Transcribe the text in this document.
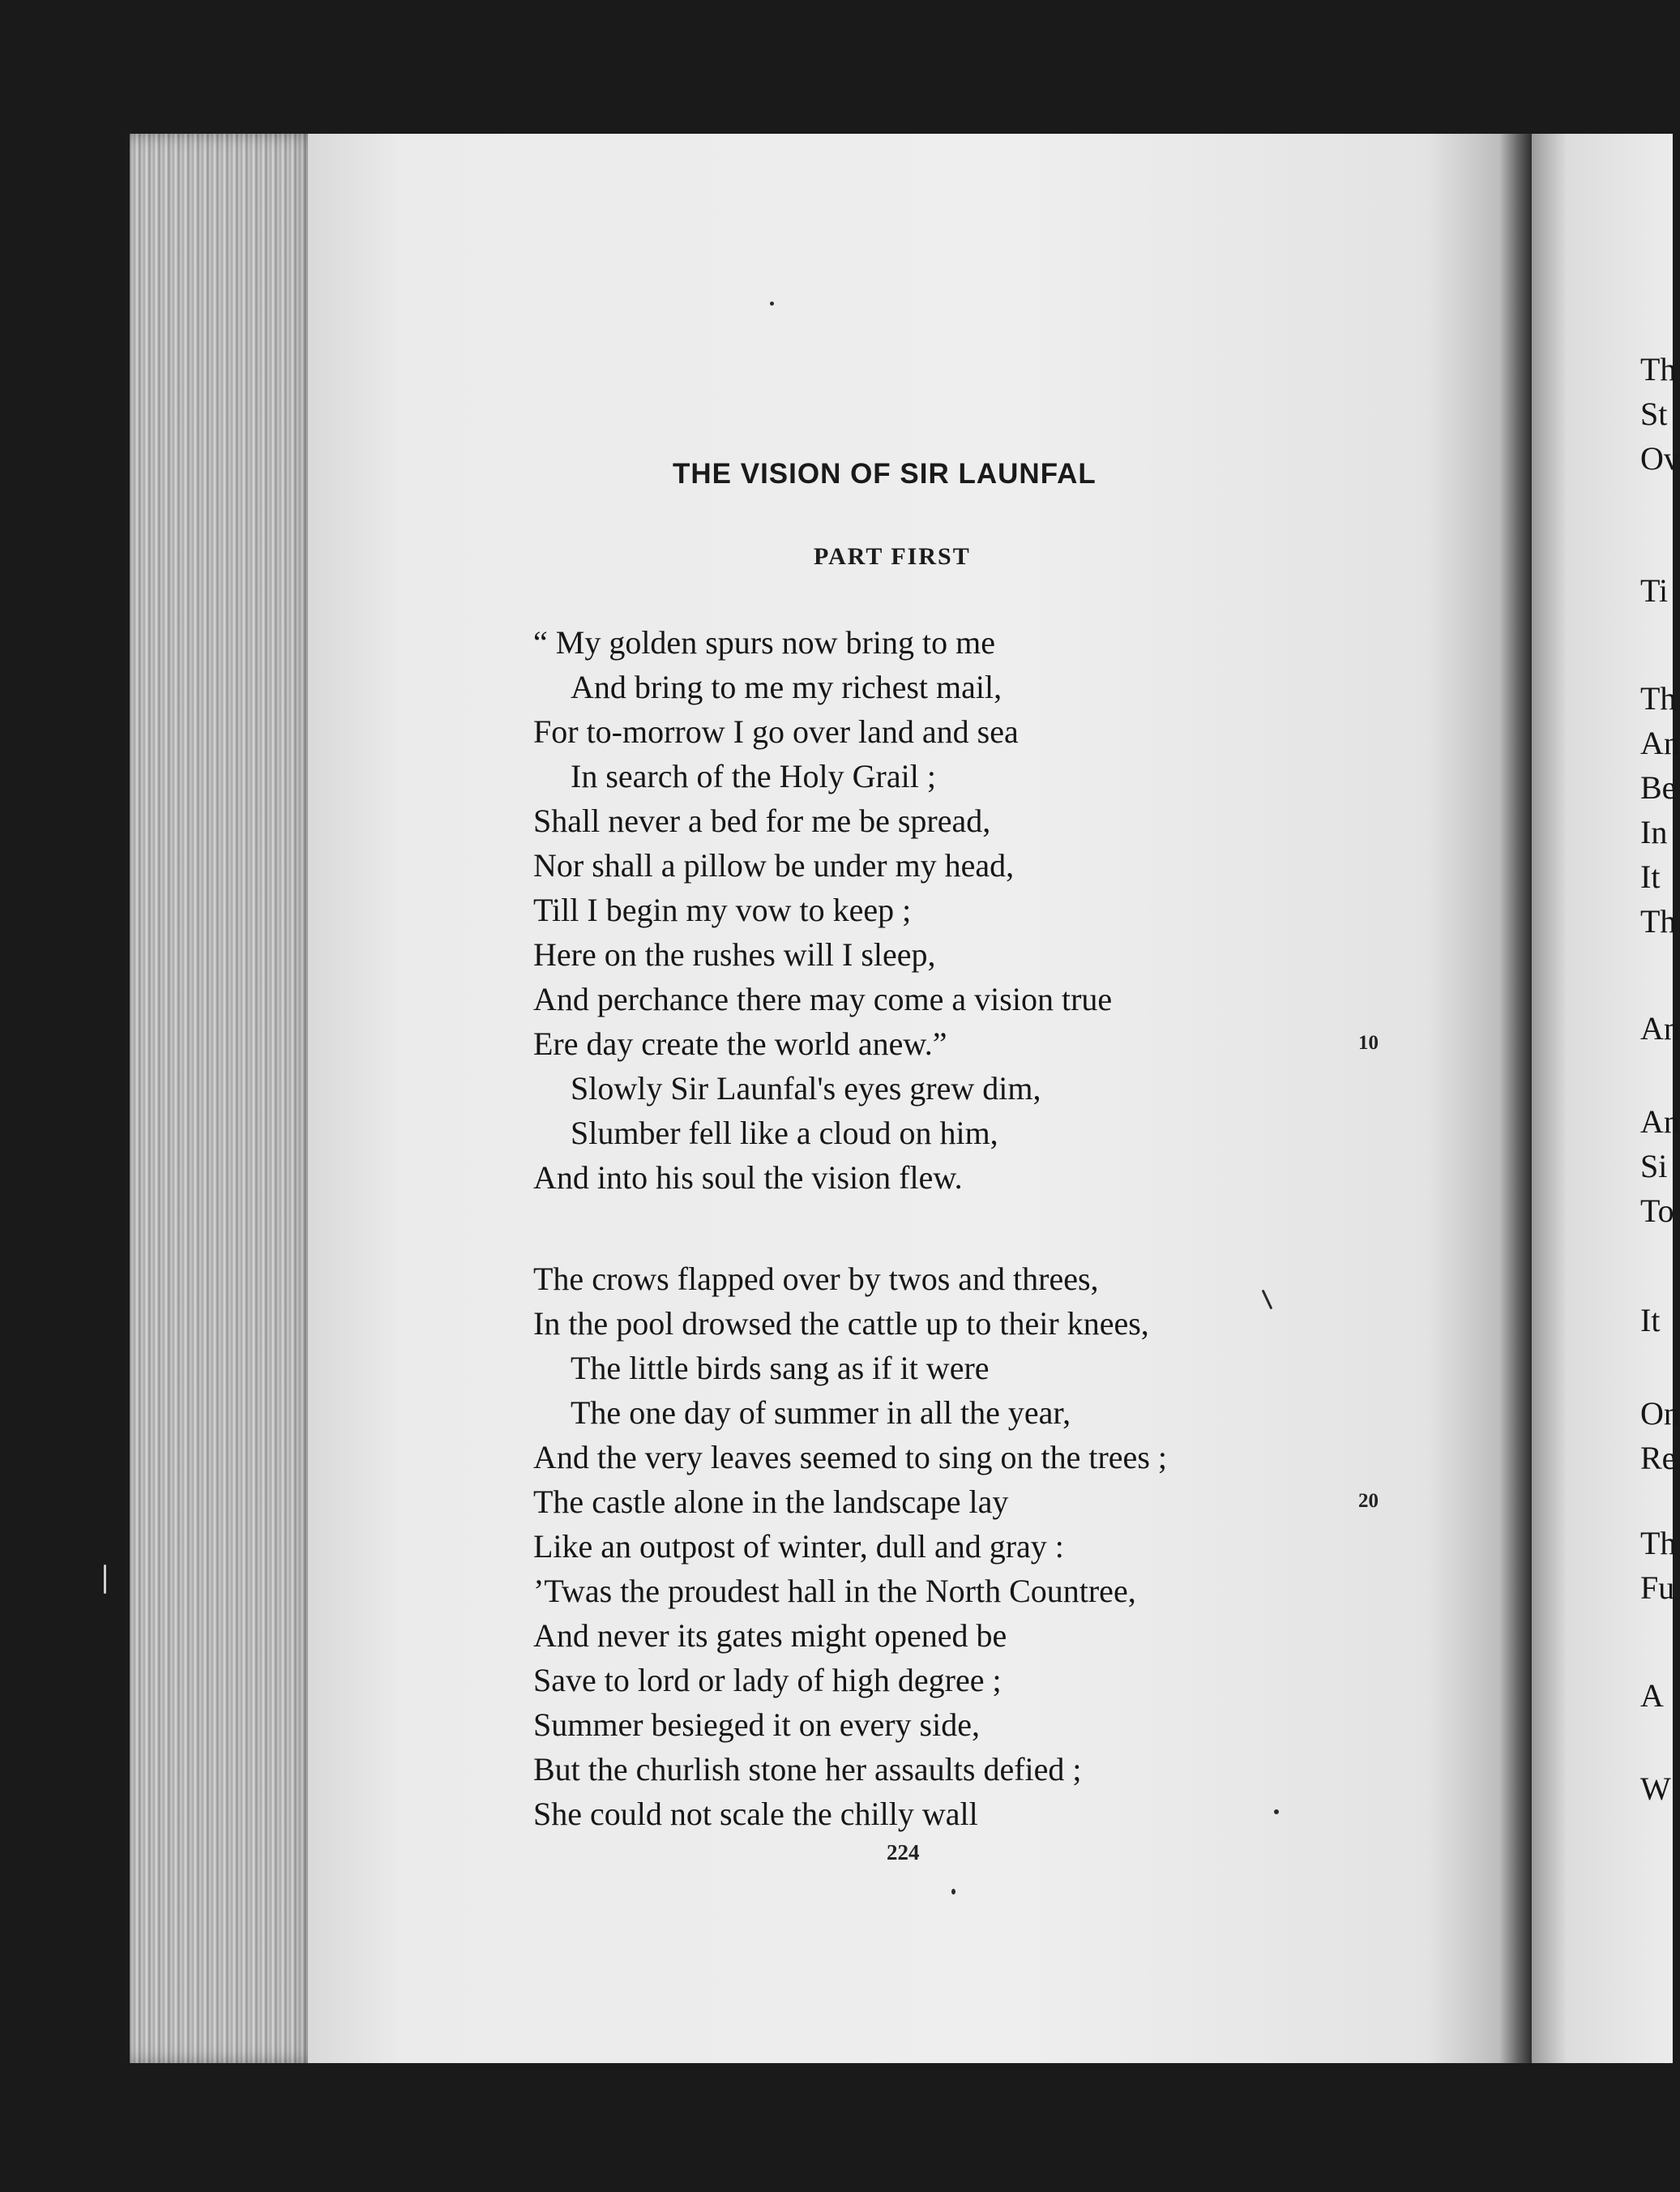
THE VISION OF SIR LAUNFAL
PART FIRST
“ My golden spurs now bring to me
And bring to me my richest mail,
For to-morrow I go over land and sea
In search of the Holy Grail ;
Shall never a bed for me be spread,
Nor shall a pillow be under my head,
Till I begin my vow to keep ;
Here on the rushes will I sleep,
And perchance there may come a vision true
Ere day create the world anew.”
Slowly Sir Launfal's eyes grew dim,
Slumber fell like a cloud on him,
And into his soul the vision flew.
The crows flapped over by twos and threes,
In the pool drowsed the cattle up to their knees,
The little birds sang as if it were
The one day of summer in all the year,
And the very leaves seemed to sing on the trees ;
The castle alone in the landscape lay
Like an outpost of winter, dull and gray :
’Twas the proudest hall in the North Countree,
And never its gates might opened be
Save to lord or lady of high degree ;
Summer besieged it on every side,
But the churlish stone her assaults defied ;
She could not scale the chilly wall
10
20
224
Th
St
Ov
Ti
Th
An
Be
In
It
Th
An
An
Si
To
It
On
Re
Th
Fu
A
W
